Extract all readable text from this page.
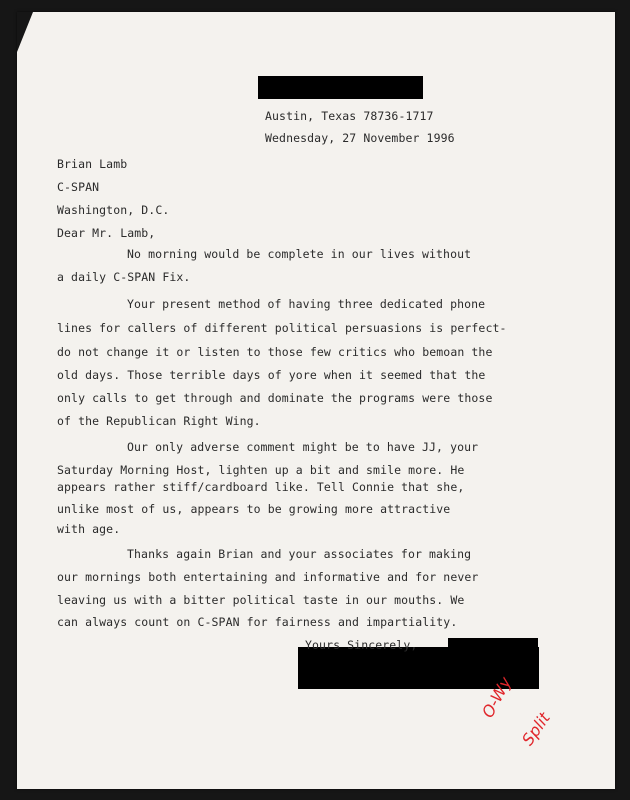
Austin, Texas 78736-1717
Wednesday, 27 November 1996
Brian Lamb
C-SPAN
Washington, D.C.
Dear Mr. Lamb,
No morning would be complete in our lives without
a daily C-SPAN Fix.
Your present method of having three dedicated phone
lines for callers of different political persuasions is perfect-
do not change it or listen to those few critics who bemoan the
old days. Those terrible days of yore when it seemed that the
only calls to get through and dominate the programs were those
of the Republican Right Wing.
Our only adverse comment might be to have JJ, your
Saturday Morning Host, lighten up a bit and smile more. He
appears rather stiff/cardboard like. Tell Connie that she,
unlike most of us, appears to be growing more attractive
with age.
Thanks again Brian and your associates for making
our mornings both entertaining and informative and for never
leaving us with a bitter political taste in our mouths. We
can always count on C-SPAN for fairness and impartiality.
Yours Sincerely,
O-Wy
Split
